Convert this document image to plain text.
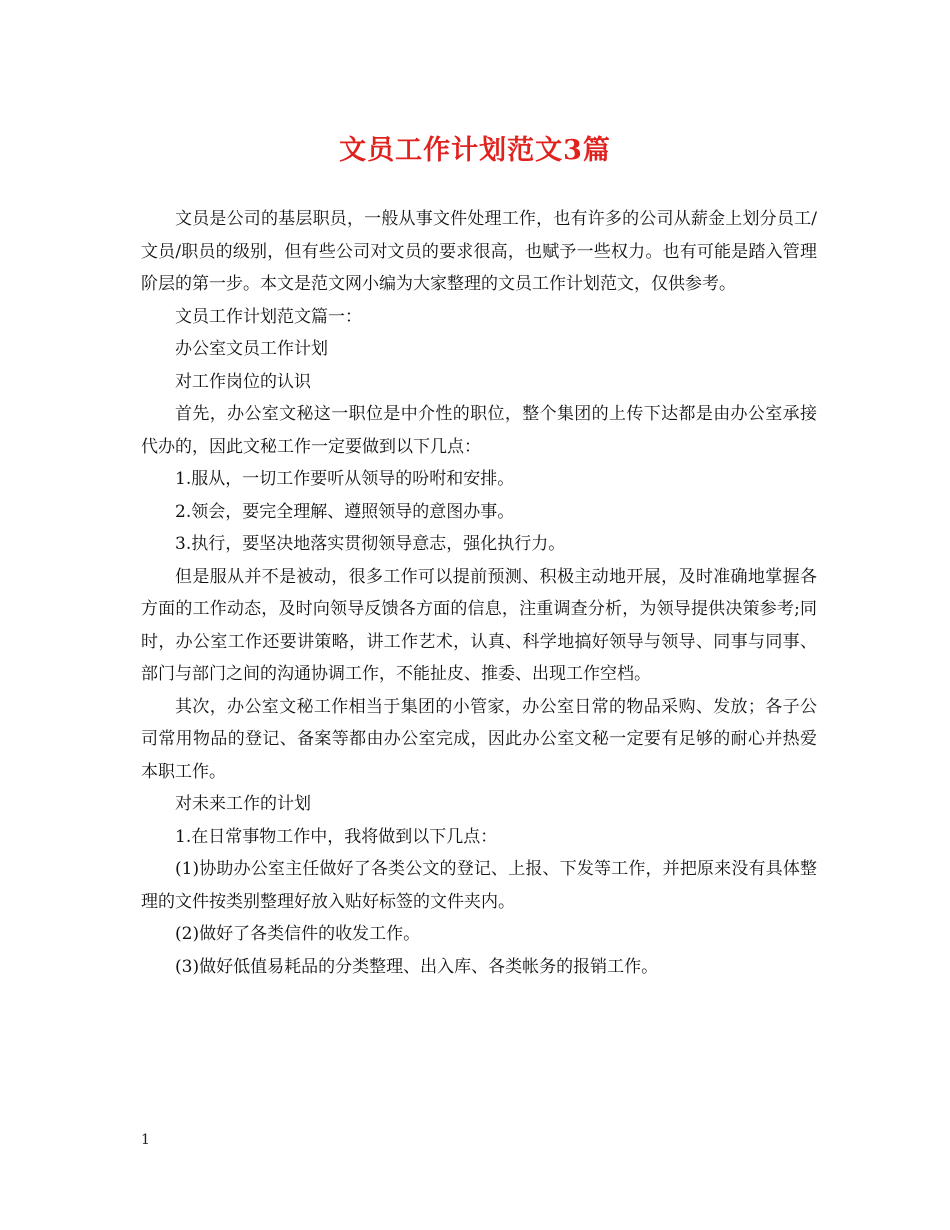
文员工作计划范文3篇

文员是公司的基层职员，一般从事文件处理工作，也有许多的公司从薪金上划分员工/文员/职员的级别，但有些公司对文员的要求很高，也赋予一些权力。也有可能是踏入管理阶层的第一步。本文是范文网小编为大家整理的文员工作计划范文，仅供参考。

文员工作计划范文篇一：

办公室文员工作计划

对工作岗位的认识

首先，办公室文秘这一职位是中介性的职位，整个集团的上传下达都是由办公室承接代办的，因此文秘工作一定要做到以下几点：

1.服从，一切工作要听从领导的吩咐和安排。

2.领会，要完全理解、遵照领导的意图办事。

3.执行，要坚决地落实贯彻领导意志，强化执行力。

但是服从并不是被动，很多工作可以提前预测、积极主动地开展，及时准确地掌握各方面的工作动态，及时向领导反馈各方面的信息，注重调查分析，为领导提供决策参考;同时，办公室工作还要讲策略，讲工作艺术，认真、科学地搞好领导与领导、同事与同事、部门与部门之间的沟通协调工作，不能扯皮、推委、出现工作空档。

其次，办公室文秘工作相当于集团的小管家，办公室日常的物品采购、发放；各子公司常用物品的登记、备案等都由办公室完成，因此办公室文秘一定要有足够的耐心并热爱本职工作。

对未来工作的计划

1.在日常事物工作中，我将做到以下几点：

(1)协助办公室主任做好了各类公文的登记、上报、下发等工作，并把原来没有具体整理的文件按类别整理好放入贴好标签的文件夹内。

(2)做好了各类信件的收发工作。

(3)做好低值易耗品的分类整理、出入库、各类帐务的报销工作。

1
